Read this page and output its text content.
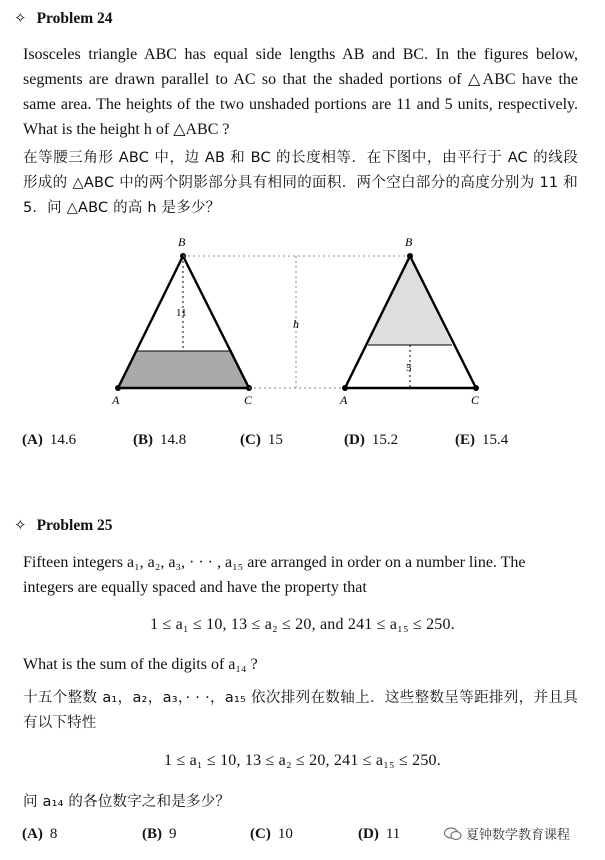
✧ Problem 24
Isosceles triangle ABC has equal side lengths AB and BC. In the figures below, segments are drawn parallel to AC so that the shaded portions of △ABC have the same area. The heights of the two unshaded portions are 11 and 5 units, respectively. What is the height h of △ABC ?
在等腰三角形 ABC 中，边 AB 和 BC 的长度相等．在下图中，由平行于 AC 的线段形成的 △ABC 中的两个阴影部分具有相同的面积．两个空白部分的高度分别为 11 和 5．问 △ABC 的高 h 是多少？
B
A	C
11
h
B
A	C
5
(A) 14.6	(B) 14.8	(C) 15	(D) 15.2	(E) 15.4
✧ Problem 25
Fifteen integers a₁, a₂, a₃, · · · , a₁₅ are arranged in order on a number line. The
integers are equally spaced and have the property that
1 ≤ a₁ ≤ 10, 13 ≤ a₂ ≤ 20, and 241 ≤ a₁₅ ≤ 250.
What is the sum of the digits of a₁₄ ?
十五个整数 a₁，a₂，a₃，· · ·，a₁₅ 依次排列在数轴上．这些整数呈等距排列，并且具有以下特性
1 ≤ a₁ ≤ 10, 13 ≤ a₂ ≤ 20, 241 ≤ a₁₅ ≤ 250.
问 a₁₄ 的各位数字之和是多少？
(A) 8	(B) 9	(C) 10	(D) 11	夏钟数学教育课程
